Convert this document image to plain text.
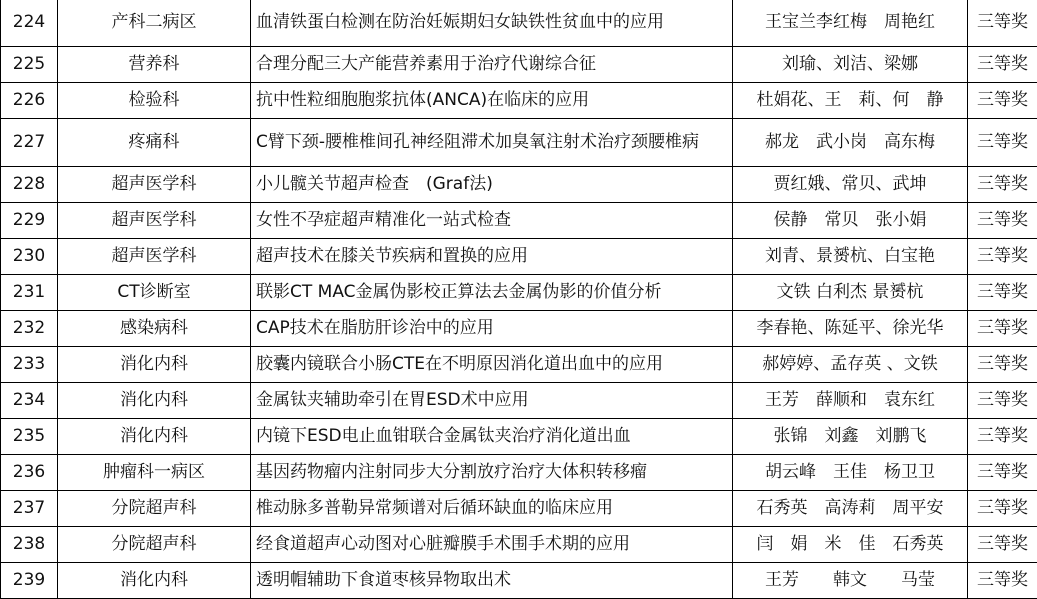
224	产科二病区	血清铁蛋白检测在防治妊娠期妇女缺铁性贫血中的应用	王宝兰李红梅　周艳红	三等奖
225	营养科	合理分配三大产能营养素用于治疗代谢综合征	刘瑜、刘洁、梁娜	三等奖
226	检验科	抗中性粒细胞胞浆抗体(ANCA)在临床的应用	杜娟花、王　莉、何　静	三等奖
227	疼痛科	C臂下颈-腰椎椎间孔神经阻滞术加臭氧注射术治疗颈腰椎病	郝龙　武小岗　高东梅	三等奖
228	超声医学科	小儿髋关节超声检查　(Graf法)	贾红娥、常贝、武坤	三等奖
229	超声医学科	女性不孕症超声精准化一站式检查	侯静　常贝　张小娟	三等奖
230	超声医学科	超声技术在膝关节疾病和置换的应用	刘青、景赟杭、白宝艳	三等奖
231	CT诊断室	联影CT MAC金属伪影校正算法去金属伪影的价值分析	文铁 白利杰 景赟杭	三等奖
232	感染病科	CAP技术在脂肪肝诊治中的应用	李春艳、陈延平、徐光华	三等奖
233	消化内科	胶囊内镜联合小肠CTE在不明原因消化道出血中的应用	郝婷婷、孟存英 、文铁	三等奖
234	消化内科	金属钛夹辅助牵引在胃ESD术中应用	王芳　薛顺和　袁东红	三等奖
235	消化内科	内镜下ESD电止血钳联合金属钛夹治疗消化道出血	张锦　刘鑫　刘鹏飞	三等奖
236	肿瘤科一病区	基因药物瘤内注射同步大分割放疗治疗大体积转移瘤	胡云峰　王佳　杨卫卫	三等奖
237	分院超声科	椎动脉多普勒异常频谱对后循环缺血的临床应用	石秀英　高涛莉　周平安	三等奖
238	分院超声科	经食道超声心动图对心脏瓣膜手术围手术期的应用	闫　娟　米　佳　石秀英	三等奖
239	消化内科	透明帽辅助下食道枣核异物取出术	王芳　　韩文　　马莹	三等奖
